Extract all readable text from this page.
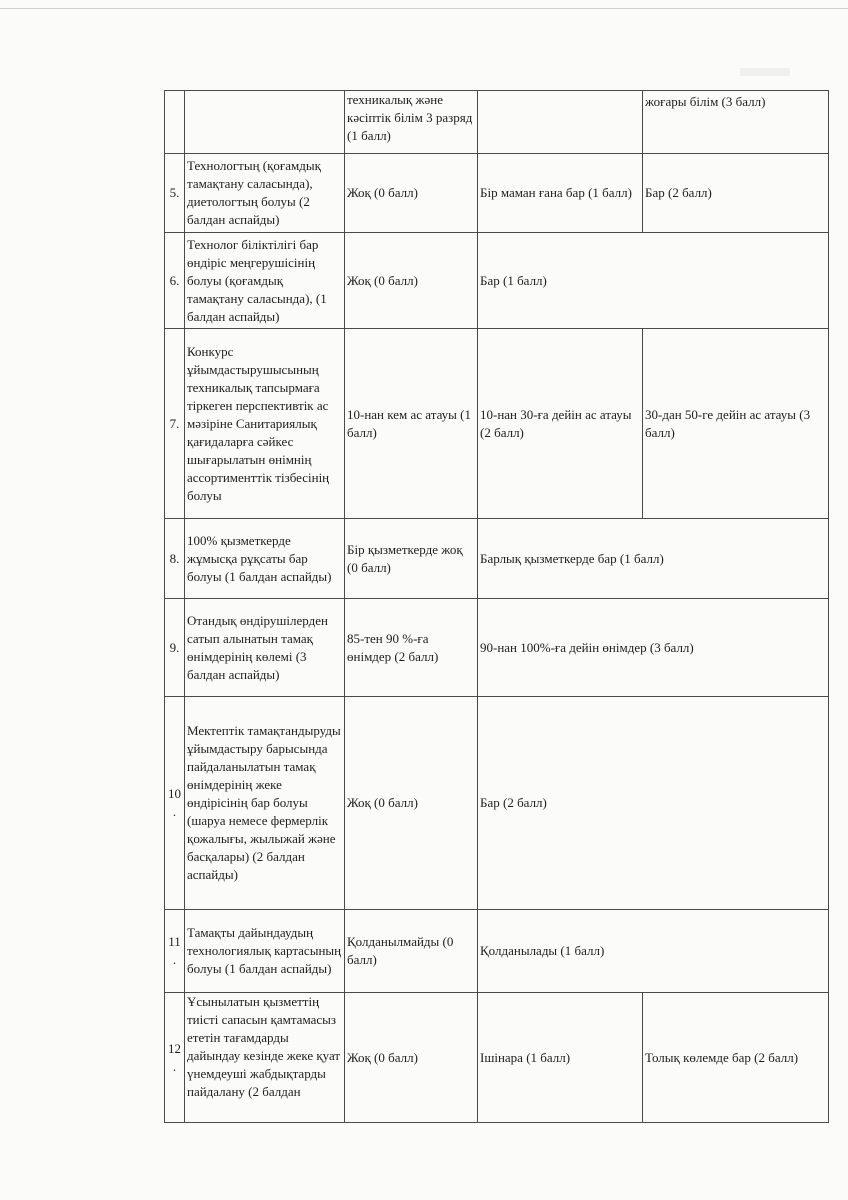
		техникалық және кәсіптік білім 3 разряд (1 балл)		жоғары білім (3 балл)
5.	Технологтың (қоғамдық тамақтану саласында), диетологтың болуы (2 балдан аспайды)	Жоқ (0 балл)	Бір маман ғана бар (1 балл)	Бар (2 балл)
6.	Технолог біліктілігі бар өндіріс меңгерушісінің болуы (қоғамдық тамақтану саласында), (1 балдан аспайды)	Жоқ (0 балл)	Бар (1 балл)	
7.	Конкурс ұйымдастырушысының техникалық тапсырмаға тіркеген перспективтік ас мәзіріне Санитариялық қағидаларға сәйкес шығарылатын өнімнің ассортименттік тізбесінің болуы	10-нан кем ас атауы (1 балл)	10-нан 30-ға дейін ас атауы (2 балл)	30-дан 50-ге дейін ас атауы (3 балл)
8.	100% қызметкерде жұмысқа рұқсаты бар болуы (1 балдан аспайды)	Бір қызметкерде жоқ (0 балл)	Барлық қызметкерде бар (1 балл)	
9.	Отандық өндірушілерден сатып алынатын тамақ өнімдерінің көлемі (3 балдан аспайды)	85-тен 90 %-ға өнімдер (2 балл)	90-нан 100%-ға дейін өнімдер (3 балл)	
10.	Мектептік тамақтандыруды ұйымдастыру барысында пайдаланылатын тамақ өнімдерінің жеке өндірісінің бар болуы (шаруа немесе фермерлік қожалығы, жылыжай және басқалары) (2 балдан аспайды)	Жоқ (0 балл)	Бар (2 балл)	
11.	Тамақты дайындаудың технологиялық картасының болуы (1 балдан аспайды)	Қолданылмайды (0 балл)	Қолданылады (1 балл)	
12.	Ұсынылатын қызметтің тиісті сапасын қамтамасыз ететін тағамдарды дайындау кезінде жеке қуат үнемдеуші жабдықтарды пайдалану (2 балдан	Жоқ (0 балл)	Ішінара (1 балл)	Толық көлемде бар (2 балл)
